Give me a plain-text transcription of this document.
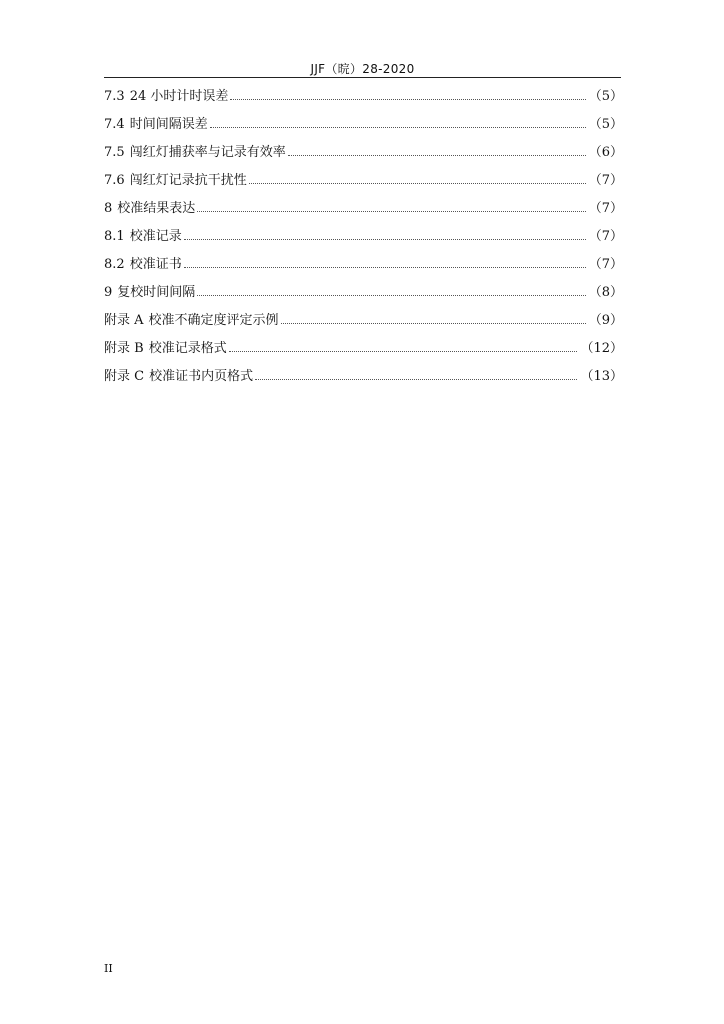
JJF（晥）28-2020
7.3 24 小时计时误差	（5）
7.4 时间间隔误差	（5）
7.5 闯红灯捕获率与记录有效率	（6）
7.6 闯红灯记录抗干扰性	（7）
8 校准结果表达	（7）
8.1 校准记录	（7）
8.2 校准证书	（7）
9 复校时间间隔	（8）
附录 A 校准不确定度评定示例	（9）
附录 B 校准记录格式	（12）
附录 C 校准证书内页格式	（13）
II
